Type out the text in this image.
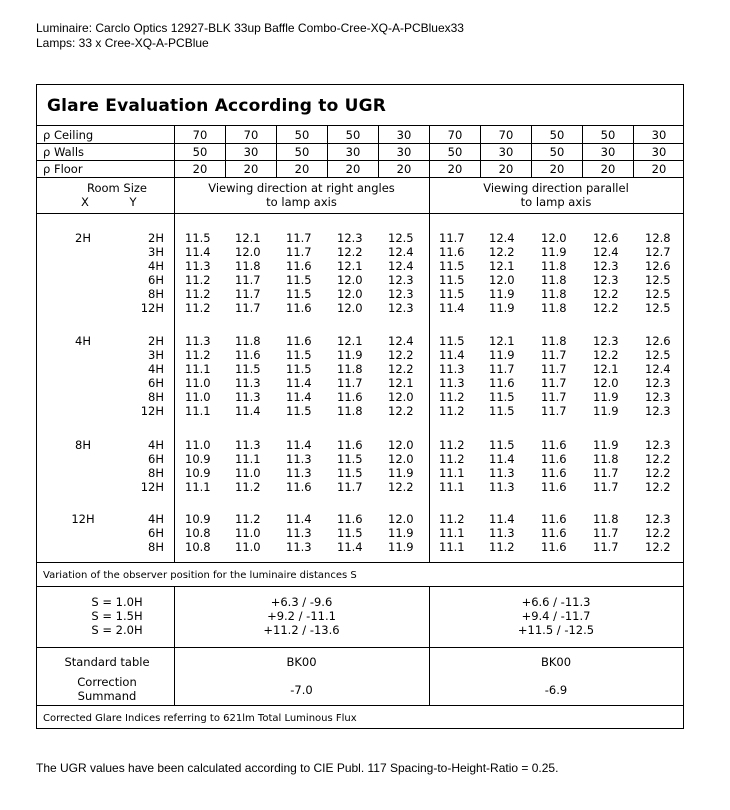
Luminaire: Carclo Optics 12927-BLK 33up Baffle Combo-Cree-XQ-A-PCBluex33
Lamps: 33 x Cree-XQ-A-PCBlue
Glare Evaluation According to UGR
ρ Ceiling	70	70	50	50	30	70	70	50	50	30
ρ Walls	50	30	50	30	30	50	30	50	30	30
ρ Floor	20	20	20	20	20	20	20	20	20	20
Room Size
X	Y
Viewing direction at right angles
to lamp axis
Viewing direction parallel
to lamp axis
2H	2H 11.5	12.1	11.7	12.3	12.5	11.7	12.4	12.0	12.6	12.8
3H 11.4	12.0	11.7	12.2	12.4	11.6	12.2	11.9	12.4	12.7
4H 11.3	11.8	11.6	12.1	12.4	11.5	12.1	11.8	12.3	12.6
6H 11.2	11.7	11.5	12.0	12.3	11.5	12.0	11.8	12.3	12.5
8H 11.2	11.7	11.5	12.0	12.3	11.5	11.9	11.8	12.2	12.5
12H 11.2	11.7	11.6	12.0	12.3	11.4	11.9	11.8	12.2	12.5
4H	2H 11.3	11.8	11.6	12.1	12.4	11.5	12.1	11.8	12.3	12.6
3H 11.2	11.6	11.5	11.9	12.2	11.4	11.9	11.7	12.2	12.5
4H 11.1	11.5	11.5	11.8	12.2	11.3	11.7	11.7	12.1	12.4
6H 11.0	11.3	11.4	11.7	12.1	11.3	11.6	11.7	12.0	12.3
8H 11.0	11.3	11.4	11.6	12.0	11.2	11.5	11.7	11.9	12.3
12H 11.1	11.4	11.5	11.8	12.2	11.2	11.5	11.7	11.9	12.3
8H	4H 11.0	11.3	11.4	11.6	12.0	11.2	11.5	11.6	11.9	12.3
6H 10.9	11.1	11.3	11.5	12.0	11.2	11.4	11.6	11.8	12.2
8H 10.9	11.0	11.3	11.5	11.9	11.1	11.3	11.6	11.7	12.2
12H 11.1	11.2	11.6	11.7	12.2	11.1	11.3	11.6	11.7	12.2
12H	4H 10.9	11.2	11.4	11.6	12.0	11.2	11.4	11.6	11.8	12.3
6H 10.8	11.0	11.3	11.5	11.9	11.1	11.3	11.6	11.7	12.2
8H 10.8	11.0	11.3	11.4	11.9	11.1	11.2	11.6	11.7	12.2
Variation of the observer position for the luminaire distances S
S = 1.0H	+6.3 / -9.6	+6.6 / -11.3
S = 1.5H	+9.2 / -11.1	+9.4 / -11.7
S = 2.0H	+11.2 / -13.6	+11.5 / -12.5
Standard table	BK00	BK00
Correction
Summand	-7.0	-6.9
Corrected Glare Indices referring to 621lm Total Luminous Flux
The UGR values have been calculated according to CIE Publ. 117 Spacing-to-Height-Ratio = 0.25.
